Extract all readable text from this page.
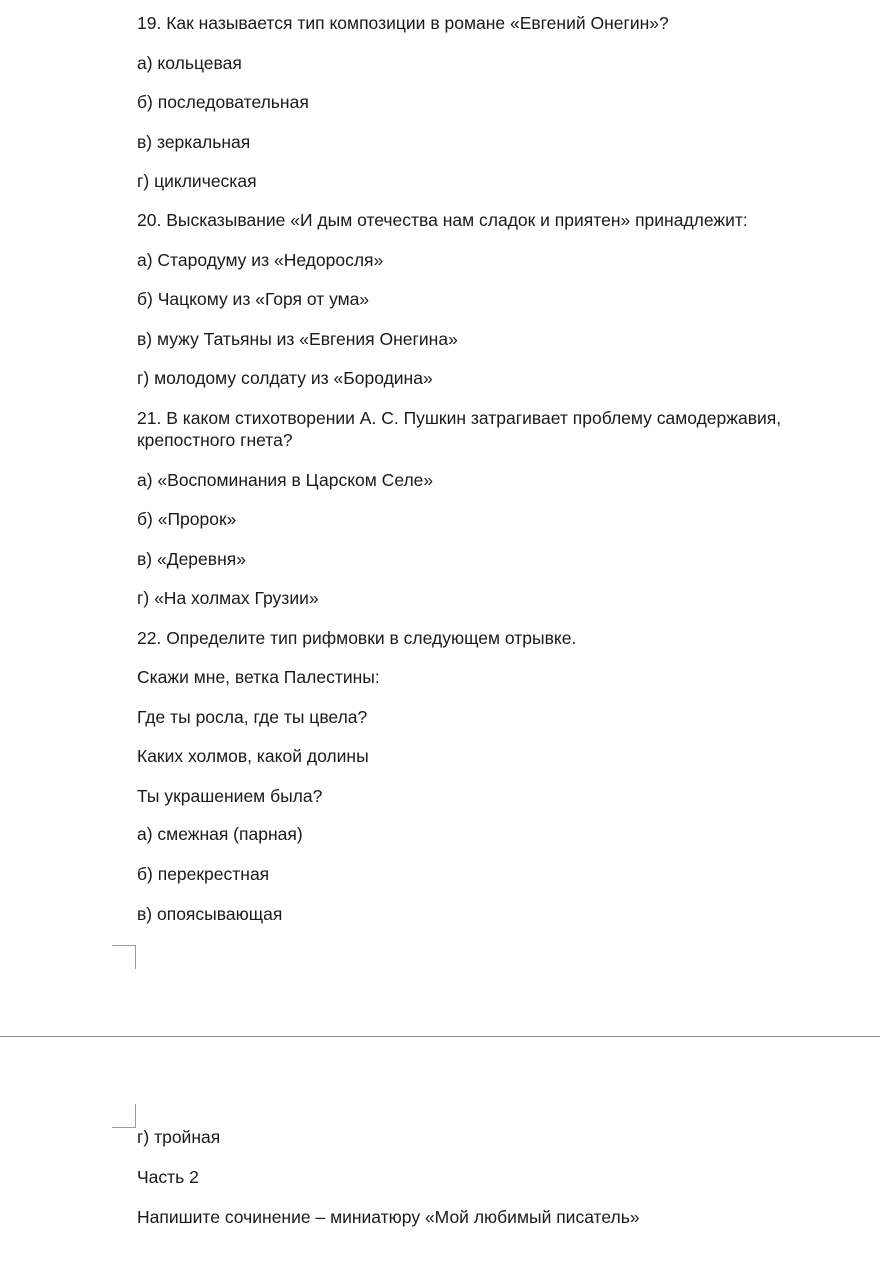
19. Как называется тип композиции в романе «Евгений Онегин»?
а) кольцевая
б) последовательная
в) зеркальная
г) циклическая
20. Высказывание «И дым отечества нам сладок и приятен» принадлежит:
а) Стародуму из «Недоросля»
б) Чацкому из «Горя от ума»
в) мужу Татьяны из «Евгения Онегина»
г) молодому солдату из «Бородина»
21. В каком стихотворении А. С. Пушкин затрагивает проблему самодержавия, крепостного гнета?
а) «Воспоминания в Царском Селе»
б) «Пророк»
в) «Деревня»
г) «На холмах Грузии»
22. Определите тип рифмовки в следующем отрывке.
Скажи мне, ветка Палестины:
Где ты росла, где ты цвела?
Каких холмов, какой долины
Ты украшением была?
а) смежная (парная)
б) перекрестная
в) опоясывающая
г) тройная
Часть 2
Напишите сочинение – миниатюру «Мой любимый писатель»
